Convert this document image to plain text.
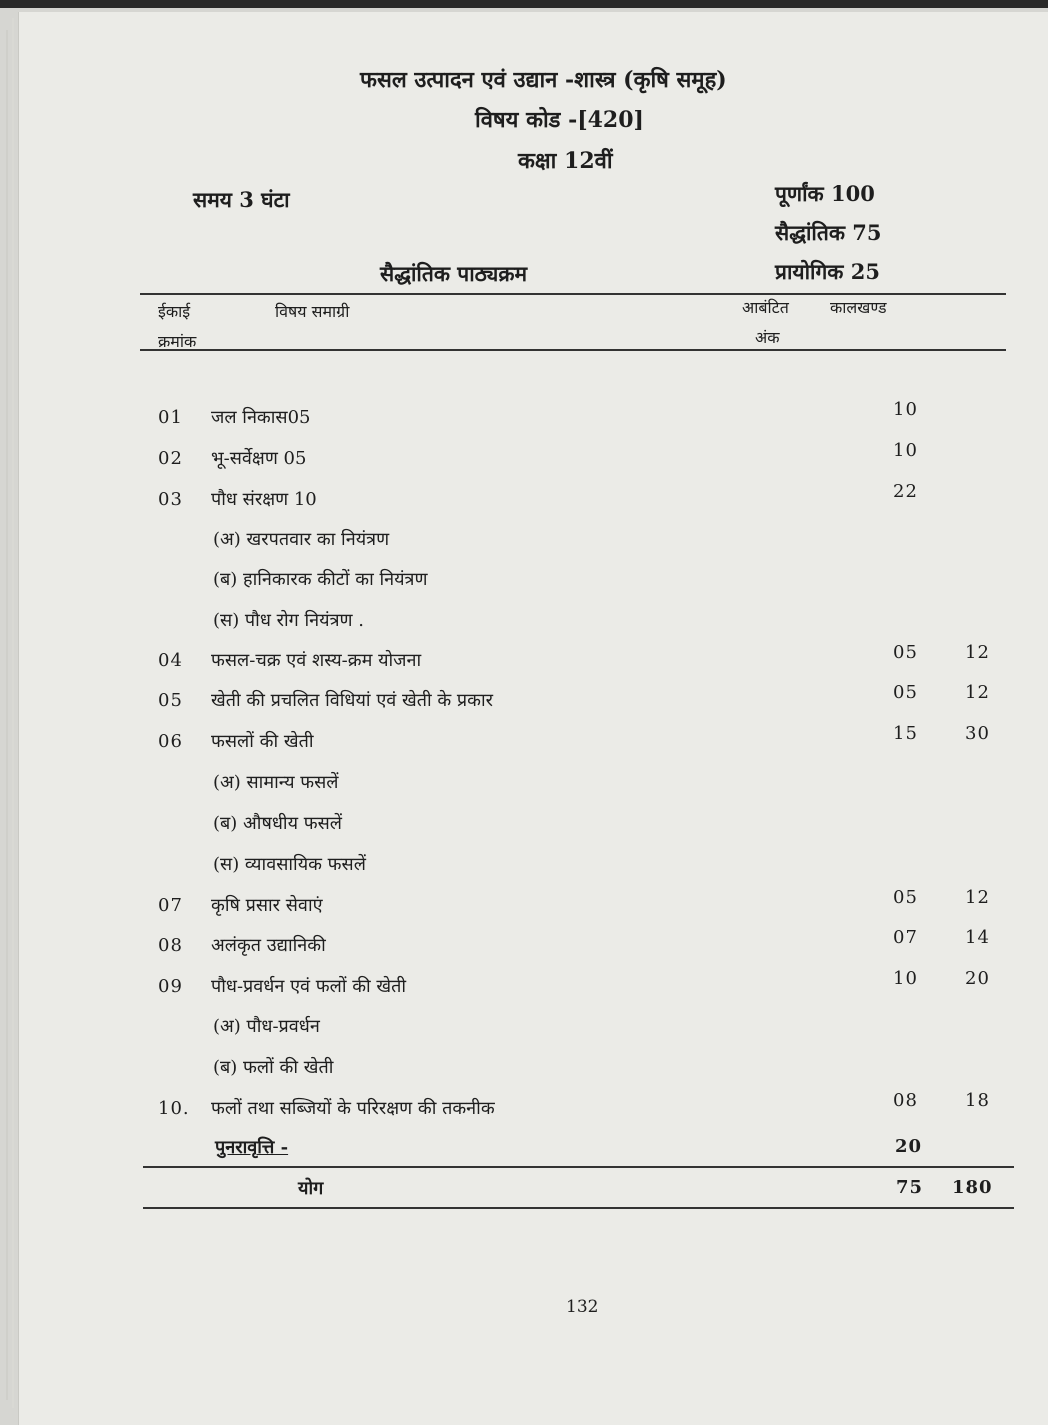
फसल उत्पादन एवं उद्यान -शास्त्र (कृषि समूह)
विषय कोड -[420]
कक्षा 12वीं
समय 3 घंटा	पूर्णांक 100
सैद्धांतिक 75
सैद्धांतिक पाठ्यक्रम	प्रायोगिक 25
ईकाई
क्रमांक
विषय समाग्री	आबंटित
अंक
कालखण्ड
01 जल निकास05	10
02 भू-सर्वेक्षण 05	10
03 पौध संरक्षण 10	22
(अ) खरपतवार का नियंत्रण
(ब) हानिकारक कीटों का नियंत्रण
(स) पौध रोग नियंत्रण .
04 फसल-चक्र एवं शस्य-क्रम योजना	05	12
05 खेती की प्रचलित विधियां एवं खेती के प्रकार	05	12
06 फसलों की खेती	15	30
(अ) सामान्य फसलें
(ब) औषधीय फसलें
(स) व्यावसायिक फसलें
07 कृषि प्रसार सेवाएं	05	12
08 अलंकृत उद्यानिकी	07	14
09 पौध-प्रवर्धन एवं फलों की खेती	10	20
(अ) पौध-प्रवर्धन
(ब) फलों की खेती
10. फलों तथा सब्जियों के परिरक्षण की तकनीक	08	18
पुनरावृत्ति -	20
योग	75 180
132
